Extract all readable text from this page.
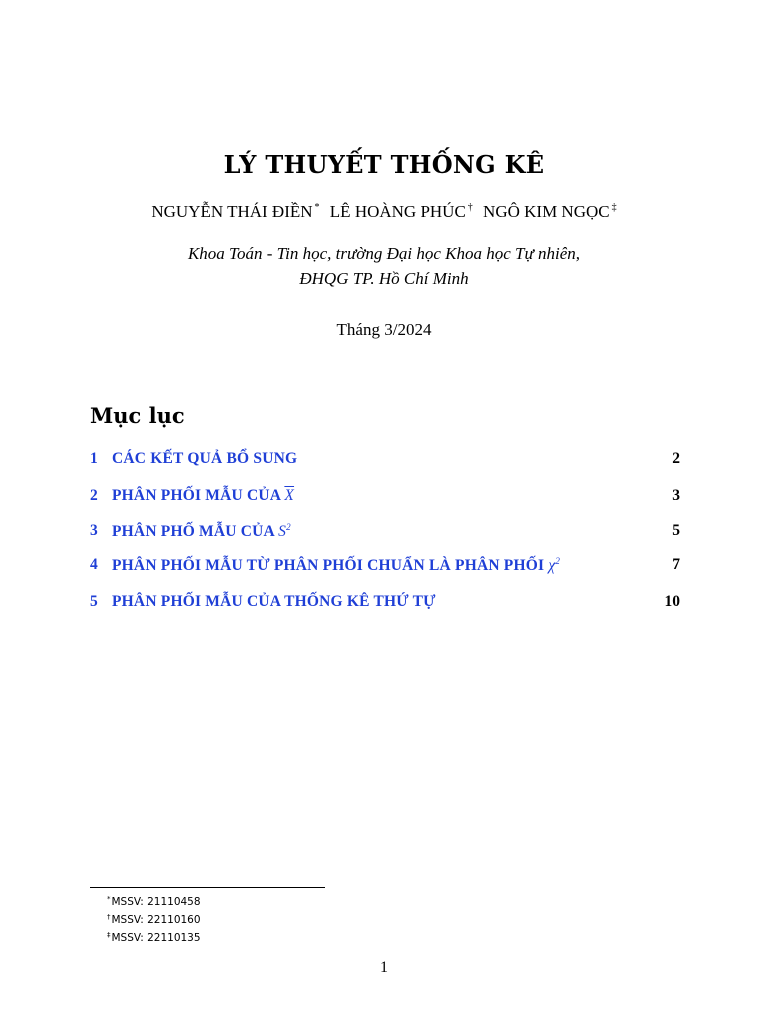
LÝ THUYẾT THỐNG KÊ
NGUYỄN THÁI ĐIỀN * LÊ HOÀNG PHÚC † NGÔ KIM NGỌC ‡
Khoa Toán - Tin học, trường Đại học Khoa học Tự nhiên,
ĐHQG TP. Hồ Chí Minh
Tháng 3/2024
Mục lục
1 CÁC KẾT QUẢ BỔ SUNG	2
2 PHÂN PHỐI MẪU CỦA $\overline{X}$	3
3 PHÂN PHỐ MẪU CỦA $S^2$	5
4 PHÂN PHỐI MẪU TỪ PHÂN PHỐI CHUẨN LÀ PHÂN PHỐI $\chi^2$	7
5 PHÂN PHỐI MẪU CỦA THỐNG KÊ THỨ TỰ	10
*MSSV: 21110458
†MSSV: 22110160
‡MSSV: 22110135
1
